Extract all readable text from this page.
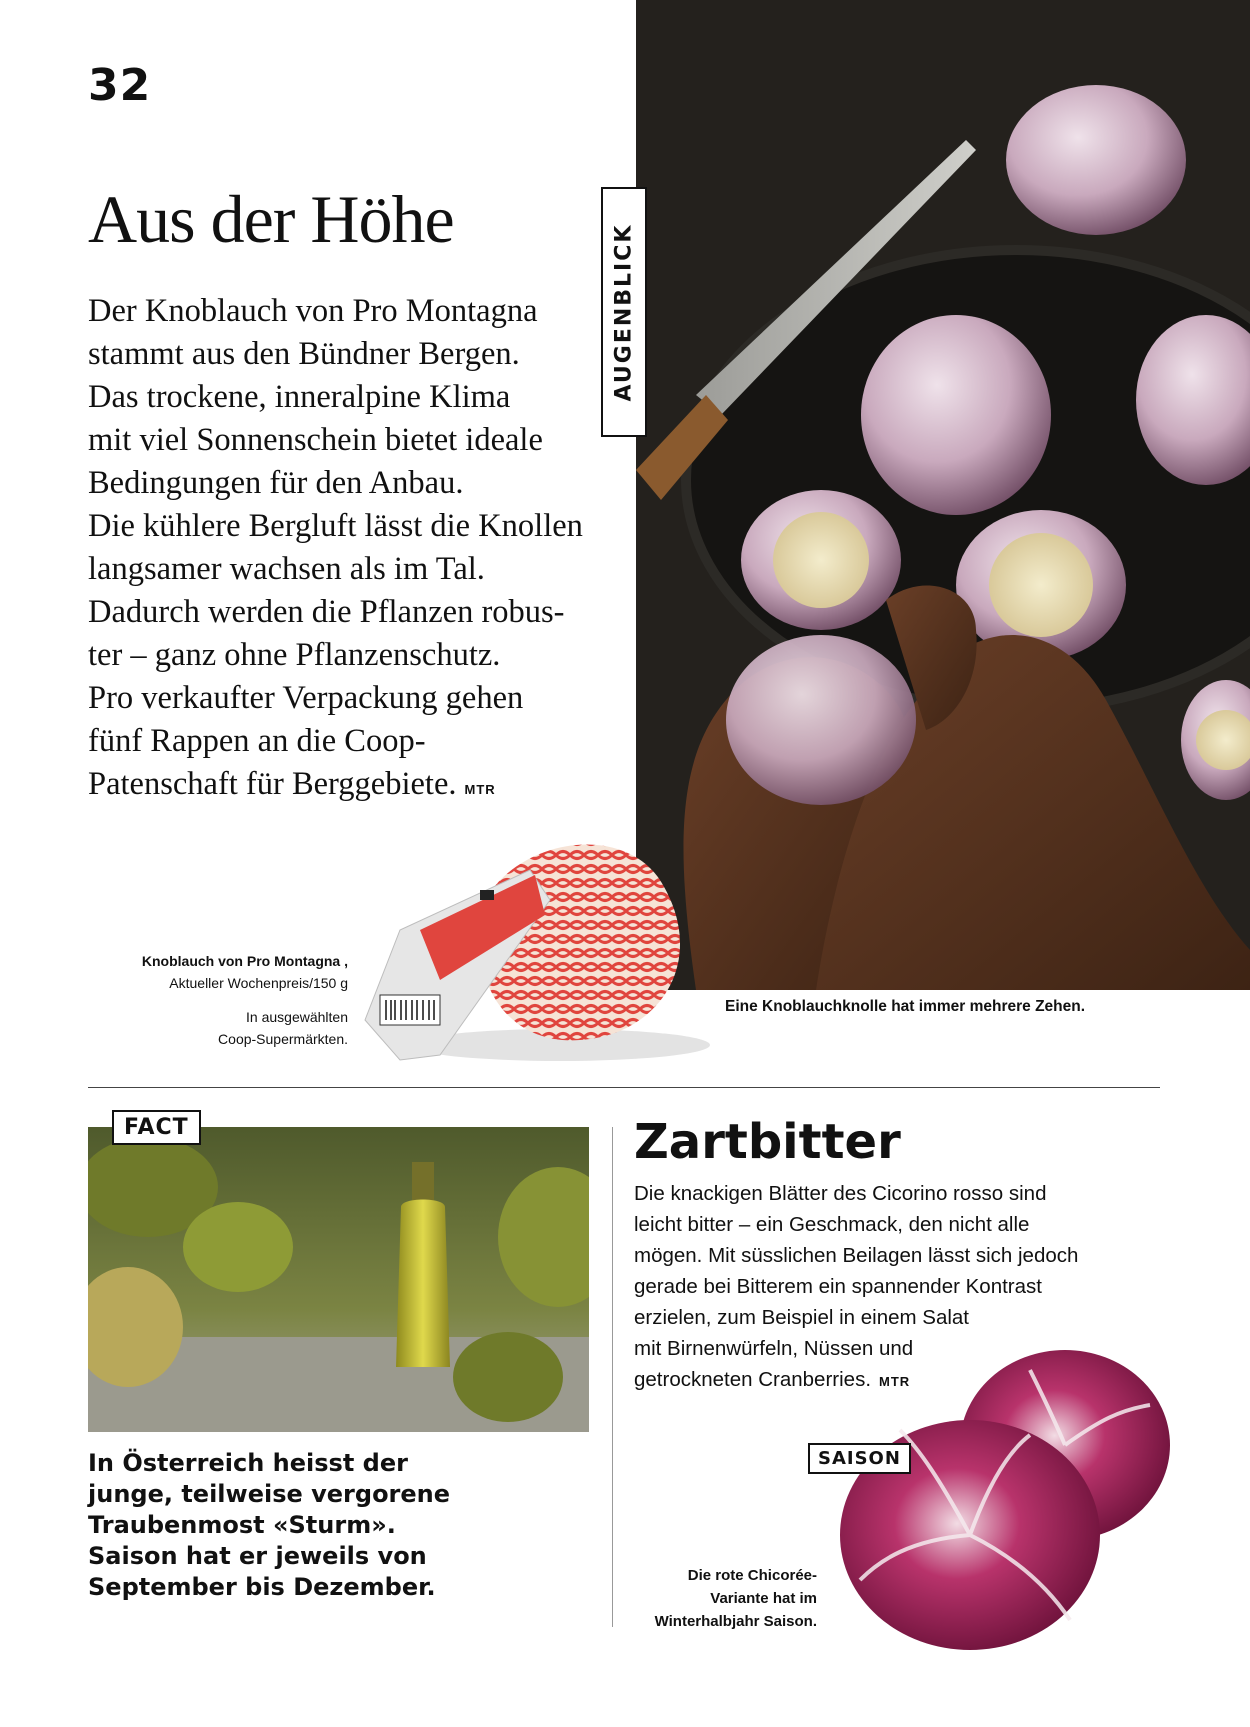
32
Aus der Höhe

Der Knoblauch von Pro Montagna
stammt aus den Bündner Bergen.
Das trockene, inneralpine Klima
mit viel Sonnenschein bietet ideale
Bedingungen für den Anbau.
Die kühlere Bergluft lässt die Knollen
langsamer wachsen als im Tal.
Dadurch werden die Pflanzen robus-
ter – ganz ohne Pflanzenschutz.
Pro verkaufter Verpackung gehen
fünf Rappen an die Coop-
Patenschaft für Berggebiete. MTR

AUGENBLICK
Eine Knoblauchknolle hat immer mehrere Zehen.
Knoblauch von Pro Montagna ,
Aktueller Wochenpreis/150 g
In ausgewählten
Coop-Supermärkten.
FACT
In Österreich heisst der
junge, teilweise vergorene
Traubenmost «Sturm».
Saison hat er jeweils von
September bis Dezember.
Zartbitter
Die knackigen Blätter des Cicorino rosso sind
leicht bitter – ein Geschmack, den nicht alle
mögen. Mit süsslichen Beilagen lässt sich jedoch
gerade bei Bitterem ein spannender Kontrast
erzielen, zum Beispiel in einem Salat
mit Birnenwürfeln, Nüssen und
getrockneten Cranberries. MTR
SAISON
Die rote Chicorée-
Variante hat im
Winterhalbjahr Saison.
